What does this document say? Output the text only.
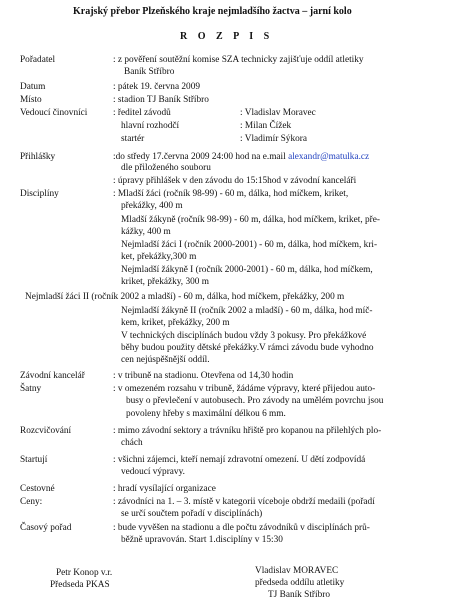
Krajský přebor Plzeňského kraje nejmladšího žactva – jarní kolo
R O Z P I S
Pořadatel	: z pověření soutěžní komise SZA technicky zajišťuje oddíl atletiky
Baník Stříbro
Datum	: pátek 19. června 2009
Místo	: stadion TJ Baník Stříbro
Vedoucí činovníci	: ředitel závodů	: Vladislav Moravec
hlavní rozhodčí	: Milan Čížek
startér	: Vladimír Sýkora
Přihlášky	:do středy 17.června 2009 24:00 hod na e.mail alexandr@matulka.cz
dle přiloženého souboru
: úpravy přihlášek v den závodu do 15:15hod v závodní kanceláři
Disciplíny	: Mladší žáci (ročník 98-99) - 60 m, dálka, hod míčkem, kriket,
překážky, 400 m
Mladší žákyně (ročník 98-99) - 60 m, dálka, hod míčkem, kriket, pře-
kážky, 400 m
Nejmladší žáci I (ročník 2000-2001) - 60 m, dálka, hod míčkem, kri-
ket, překážky,300 m
Nejmladší žákyně I (ročník 2000-2001) - 60 m, dálka, hod míčkem,
kriket, překážky, 300 m
Nejmladší žáci II (ročník 2002 a mladší) - 60 m, dálka, hod míčkem, překážky, 200 m
Nejmladší žákyně II (ročník 2002 a mladší) - 60 m, dálka, hod míč-
kem, kriket, překážky, 200 m
V technických disciplínách budou vždy 3 pokusy. Pro překážkové
běhy budou použity dětské překážky.V rámci závodu bude vyhodno
cen nejúspěšnější oddíl.
Závodní kancelář	: v tribuně na stadionu. Otevřena od 14,30 hodin
Šatny	: v omezeném rozsahu v tribuně, žádáme výpravy, které přijedou auto-
busy o převlečení v autobusech. Pro závody na umělém povrchu jsou
povoleny hřeby s maximální délkou 6 mm.
Rozcvičování	: mimo závodní sektory a trávníku hřiště pro kopanou na přilehlých plo-
chách
Startují	: všichni zájemci, kteří nemají zdravotní omezení. U dětí zodpovídá
vedoucí výpravy.
Cestovné	: hradí vysílající organizace
Ceny:	: závodníci na 1. – 3. místě v kategorii víceboje obdrží medaili (pořadí
se určí součtem pořadí v disciplínách)
Časový pořad	: bude vyvěšen na stadionu a dle počtu závodníků v disciplínách prů-
běžně upravován. Start 1.disciplíny v 15:30
Petr Konop v.r.
Předseda PKAS
Vladislav MORAVEC
předseda oddílu atletiky
TJ Baník Stříbro
